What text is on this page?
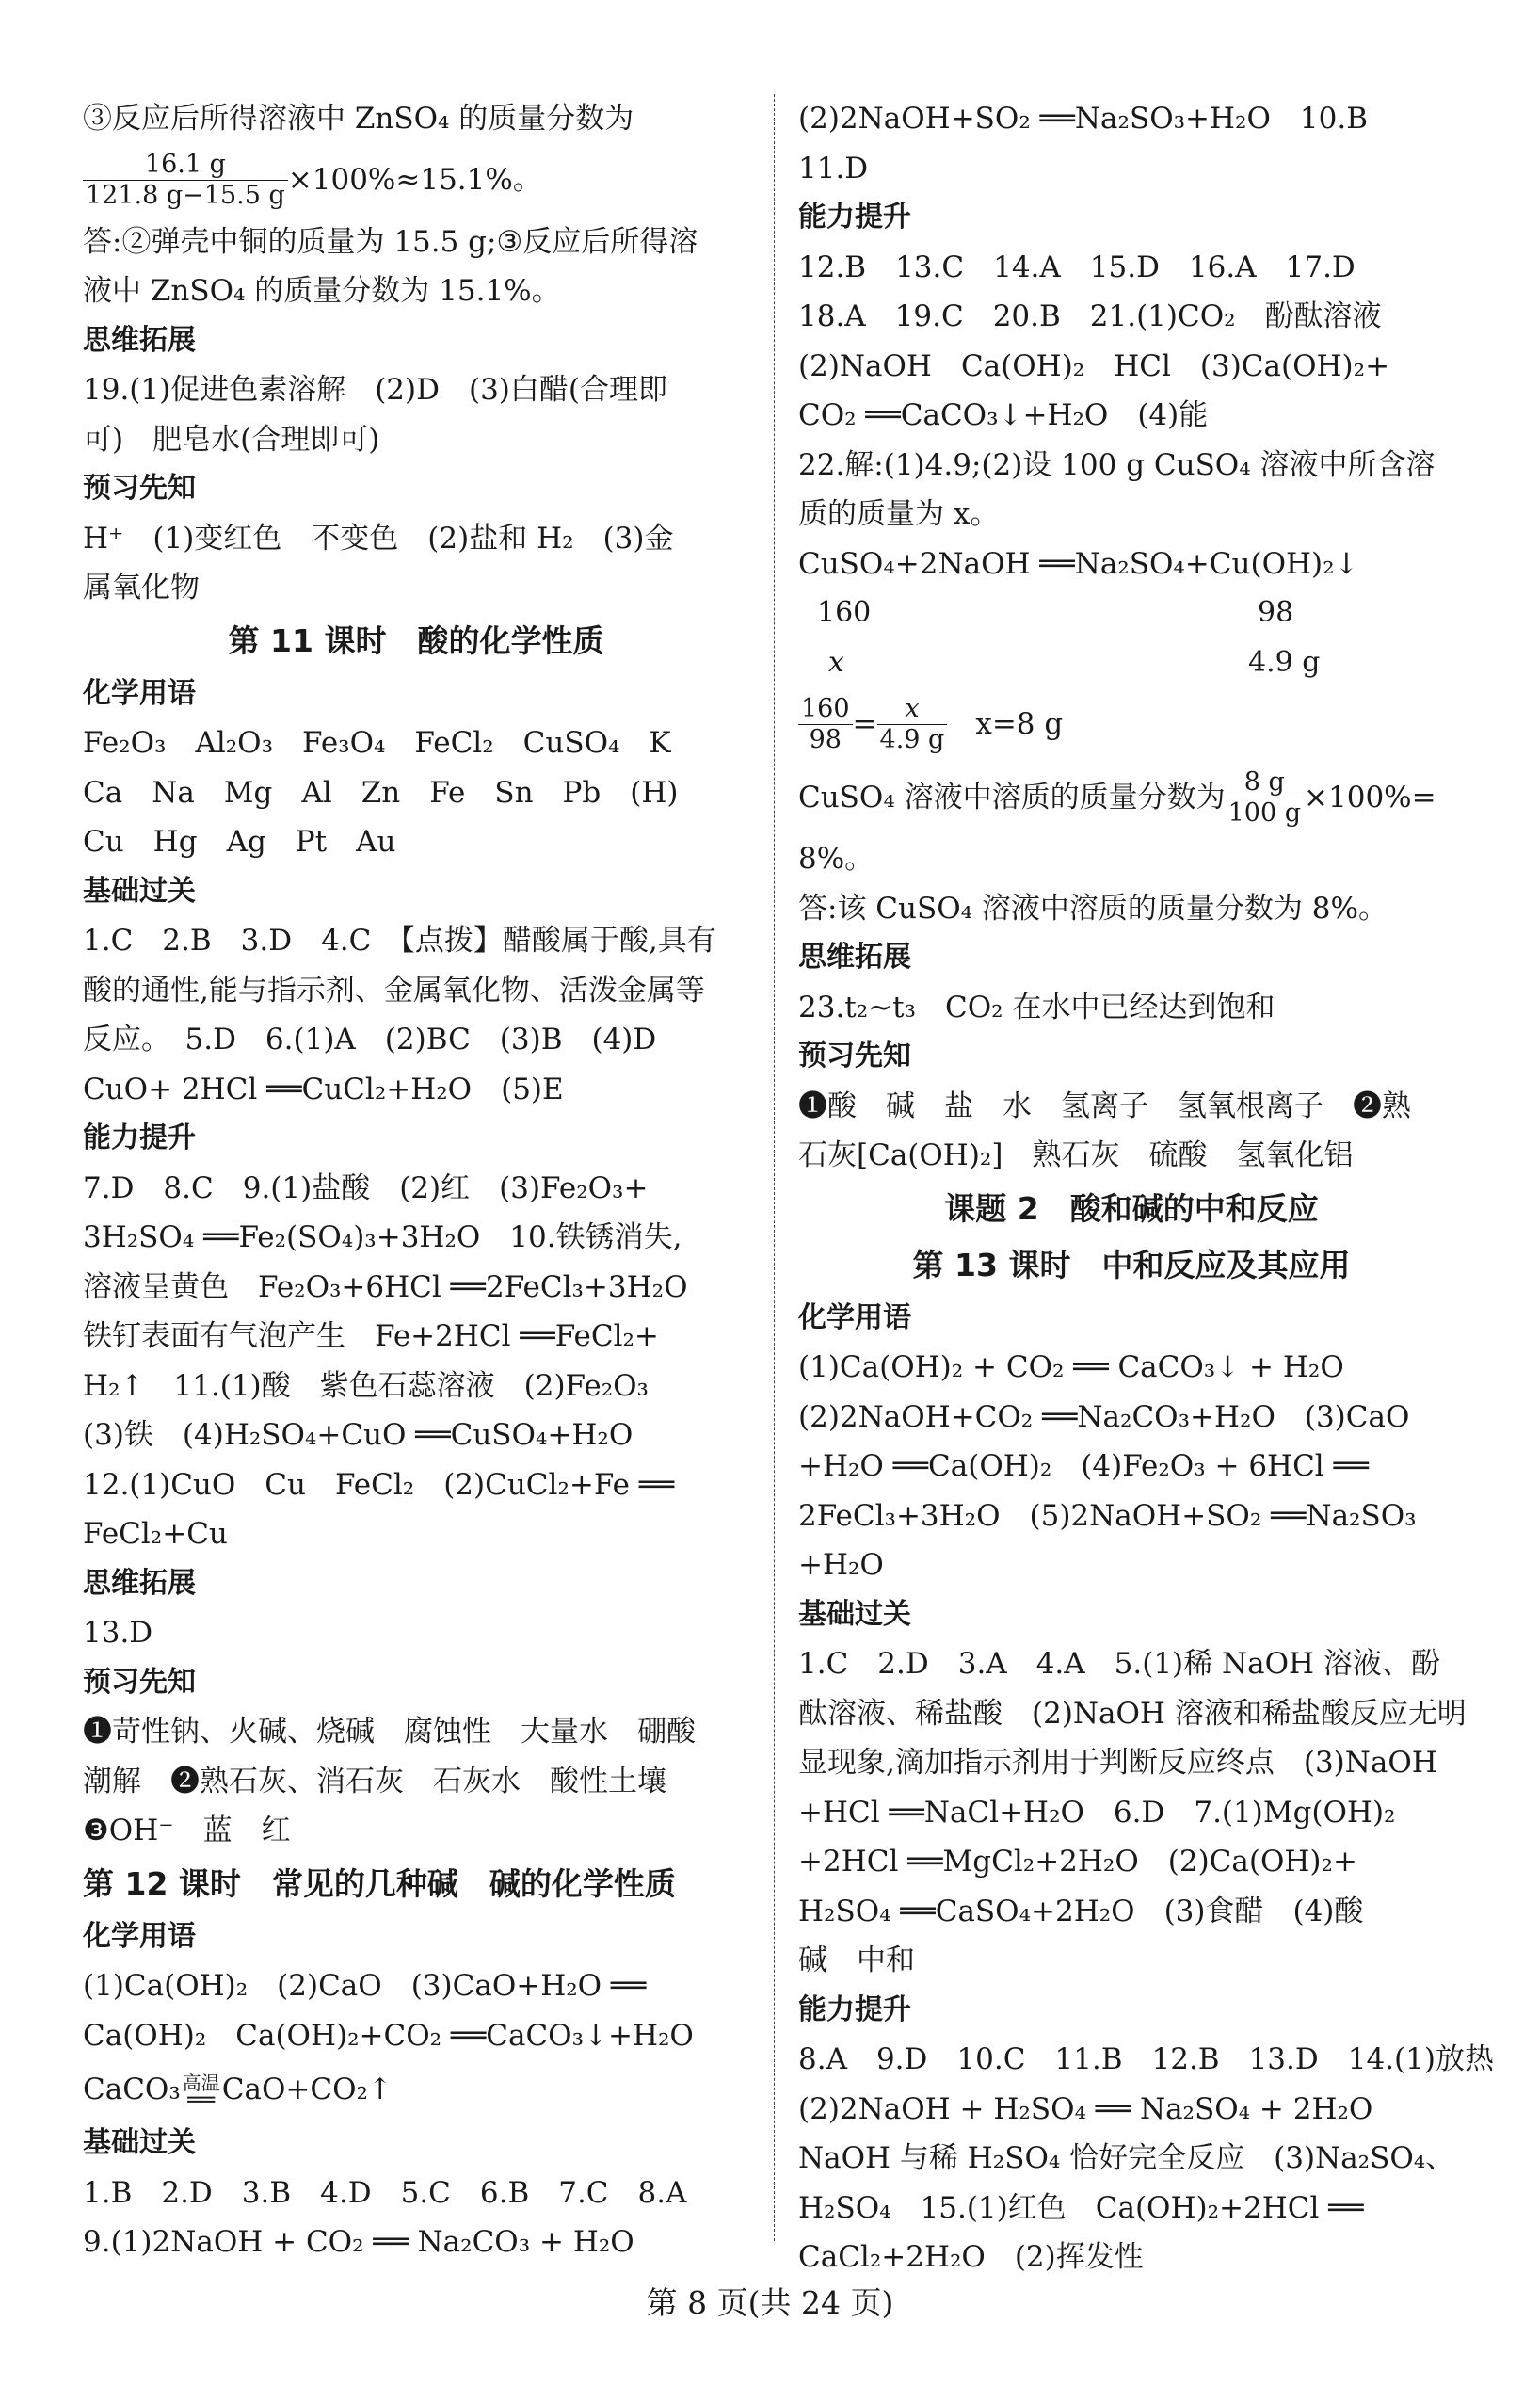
③反应后所得溶液中 ZnSO₄ 的质量分数为
$\frac{16.1 g}{121.8 g-15.5 g} \times 100\%\approx 15.1\%$。
答:②弹壳中铜的质量为 15.5 g;③反应后所得溶
液中 ZnSO₄ 的质量分数为 15.1%。
思维拓展
19.(1)促进色素溶解　(2)D　(3)白醋(合理即
可)　肥皂水(合理即可)
预习先知
H⁺　(1)变红色　不变色　(2)盐和 H₂　(3)金
属氧化物
第 11 课时　酸的化学性质
化学用语
Fe₂O₃　Al₂O₃　Fe₃O₄　FeCl₂　CuSO₄　K
Ca　Na　Mg　Al　Zn　Fe　Sn　Pb　(H)
Cu　Hg　Ag　Pt　Au
基础过关
1.C　2.B　3.D　4.C　【点拨】醋酸属于酸,具有
酸的通性,能与指示剂、金属氧化物、活泼金属等
反应。　5.D　6.(1)A　(2)BC　(3)B　(4)D
CuO+ 2HCl ══CuCl₂+H₂O　(5)E
能力提升
7.D　8.C　9.(1)盐酸　(2)红　(3)Fe₂O₃+
3H₂SO₄ ══Fe₂(SO₄)₃+3H₂O　10.铁锈消失,
溶液呈黄色　Fe₂O₃+6HCl ══2FeCl₃+3H₂O
铁钉表面有气泡产生　Fe+2HCl ══FeCl₂+
H₂↑　11.(1)酸　紫色石蕊溶液　(2)Fe₂O₃
(3)铁　(4)H₂SO₄+CuO ══CuSO₄+H₂O
12.(1)CuO　Cu　FeCl₂　(2)CuCl₂+Fe ══
FeCl₂+Cu
思维拓展
13.D
预习先知
❶苛性钠、火碱、烧碱　腐蚀性　大量水　硼酸
潮解　❷熟石灰、消石灰　石灰水　酸性土壤
❸OH⁻　蓝　红
第 12 课时　常见的几种碱　碱的化学性质
化学用语
(1)Ca(OH)₂　(2)CaO　(3)CaO+H₂O ══
Ca(OH)₂　Ca(OH)₂+CO₂ ══CaCO₃↓+H₂O
CaCO₃ 高温
══ CaO+CO₂↑
基础过关
1.B　2.D　3.B　4.D　5.C　6.B　7.C　8.A
9.(1)2NaOH + CO₂ ══ Na₂CO₃ + H₂O
(2)2NaOH+SO₂ ══Na₂SO₃+H₂O　10.B
11.D
能力提升
12.B　13.C　14.A　15.D　16.A　17.D
18.A　19.C　20.B　21.(1)CO₂　酚酞溶液
(2)NaOH　Ca(OH)₂　HCl　(3)Ca(OH)₂+
CO₂ ══CaCO₃↓+H₂O　(4)能
22.解:(1)4.9;(2)设 100 g CuSO₄ 溶液中所含溶
质的质量为 x。
CuSO₄+2NaOH ══Na₂SO₄+Cu(OH)₂↓
160	98
x	4.9 g
$\frac{160}{98} = \frac{x}{4.9 g} x=8$ g
CuSO₄ 溶液中溶质的质量分数为 $\frac{8 g}{100 g} \times 100\%=$
8%。
答:该 CuSO₄ 溶液中溶质的质量分数为 8%。
思维拓展
23.t₂~t₃　CO₂ 在水中已经达到饱和
预习先知
❶酸　碱　盐　水　氢离子　氢氧根离子　❷熟
石灰[Ca(OH)₂]　熟石灰　硫酸　氢氧化铝
课题 2　酸和碱的中和反应
第 13 课时　中和反应及其应用
化学用语
(1)Ca(OH)₂ + CO₂ ══ CaCO₃↓ + H₂O
(2)2NaOH+CO₂ ══Na₂CO₃+H₂O　(3)CaO
+H₂O ══Ca(OH)₂　(4)Fe₂O₃ + 6HCl ══
2FeCl₃+3H₂O　(5)2NaOH+SO₂ ══Na₂SO₃
+H₂O
基础过关
1.C　2.D　3.A　4.A　5.(1)稀 NaOH 溶液、酚
酞溶液、稀盐酸　(2)NaOH 溶液和稀盐酸反应无明
显现象,滴加指示剂用于判断反应终点　(3)NaOH
+HCl ══NaCl+H₂O　6.D　7.(1)Mg(OH)₂
+2HCl ══MgCl₂+2H₂O　(2)Ca(OH)₂+
H₂SO₄ ══CaSO₄+2H₂O　(3)食醋　(4)酸
碱　中和
能力提升
8.A　9.D　10.C　11.B　12.B　13.D　14.(1)放热
(2)2NaOH + H₂SO₄ ══ Na₂SO₄ + 2H₂O
NaOH 与稀 H₂SO₄ 恰好完全反应　(3)Na₂SO₄、
H₂SO₄　15.(1)红色　Ca(OH)₂+2HCl ══
CaCl₂+2H₂O　(2)挥发性
第 8 页(共 24 页)
